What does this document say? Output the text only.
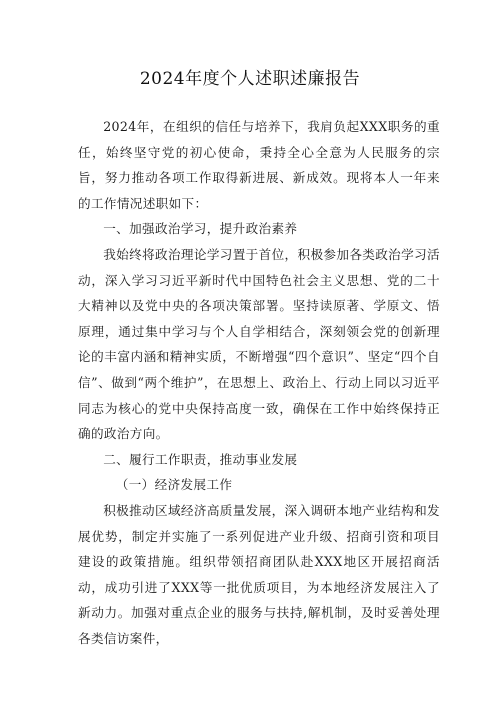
2024年度个人述职述廉报告

2024年，在组织的信任与培养下，我肩负起XXX职务的重任，始终坚守党的初心使命，秉持全心全意为人民服务的宗旨，努力推动各项工作取得新进展、新成效。现将本人一年来的工作情况述职如下：

一、加强政治学习，提升政治素养

我始终将政治理论学习置于首位，积极参加各类政治学习活动，深入学习习近平新时代中国特色社会主义思想、党的二十大精神以及党中央的各项决策部署。坚持读原著、学原文、悟原理，通过集中学习与个人自学相结合，深刻领会党的创新理论的丰富内涵和精神实质，不断增强“四个意识”、坚定“四个自信”、做到“两个维护”，在思想上、政治上、行动上同以习近平同志为核心的党中央保持高度一致，确保在工作中始终保持正确的政治方向。

二、履行工作职责，推动事业发展

（一）经济发展工作

积极推动区域经济高质量发展，深入调研本地产业结构和发展优势，制定并实施了一系列促进产业升级、招商引资和项目建设的政策措施。组织带领招商团队赴XXX地区开展招商活动，成功引进了XXX等一批优质项目，为本地经济发展注入了新动力。加强对重点企业的服务与扶持,解机制，及时妥善处理各类信访案件，
